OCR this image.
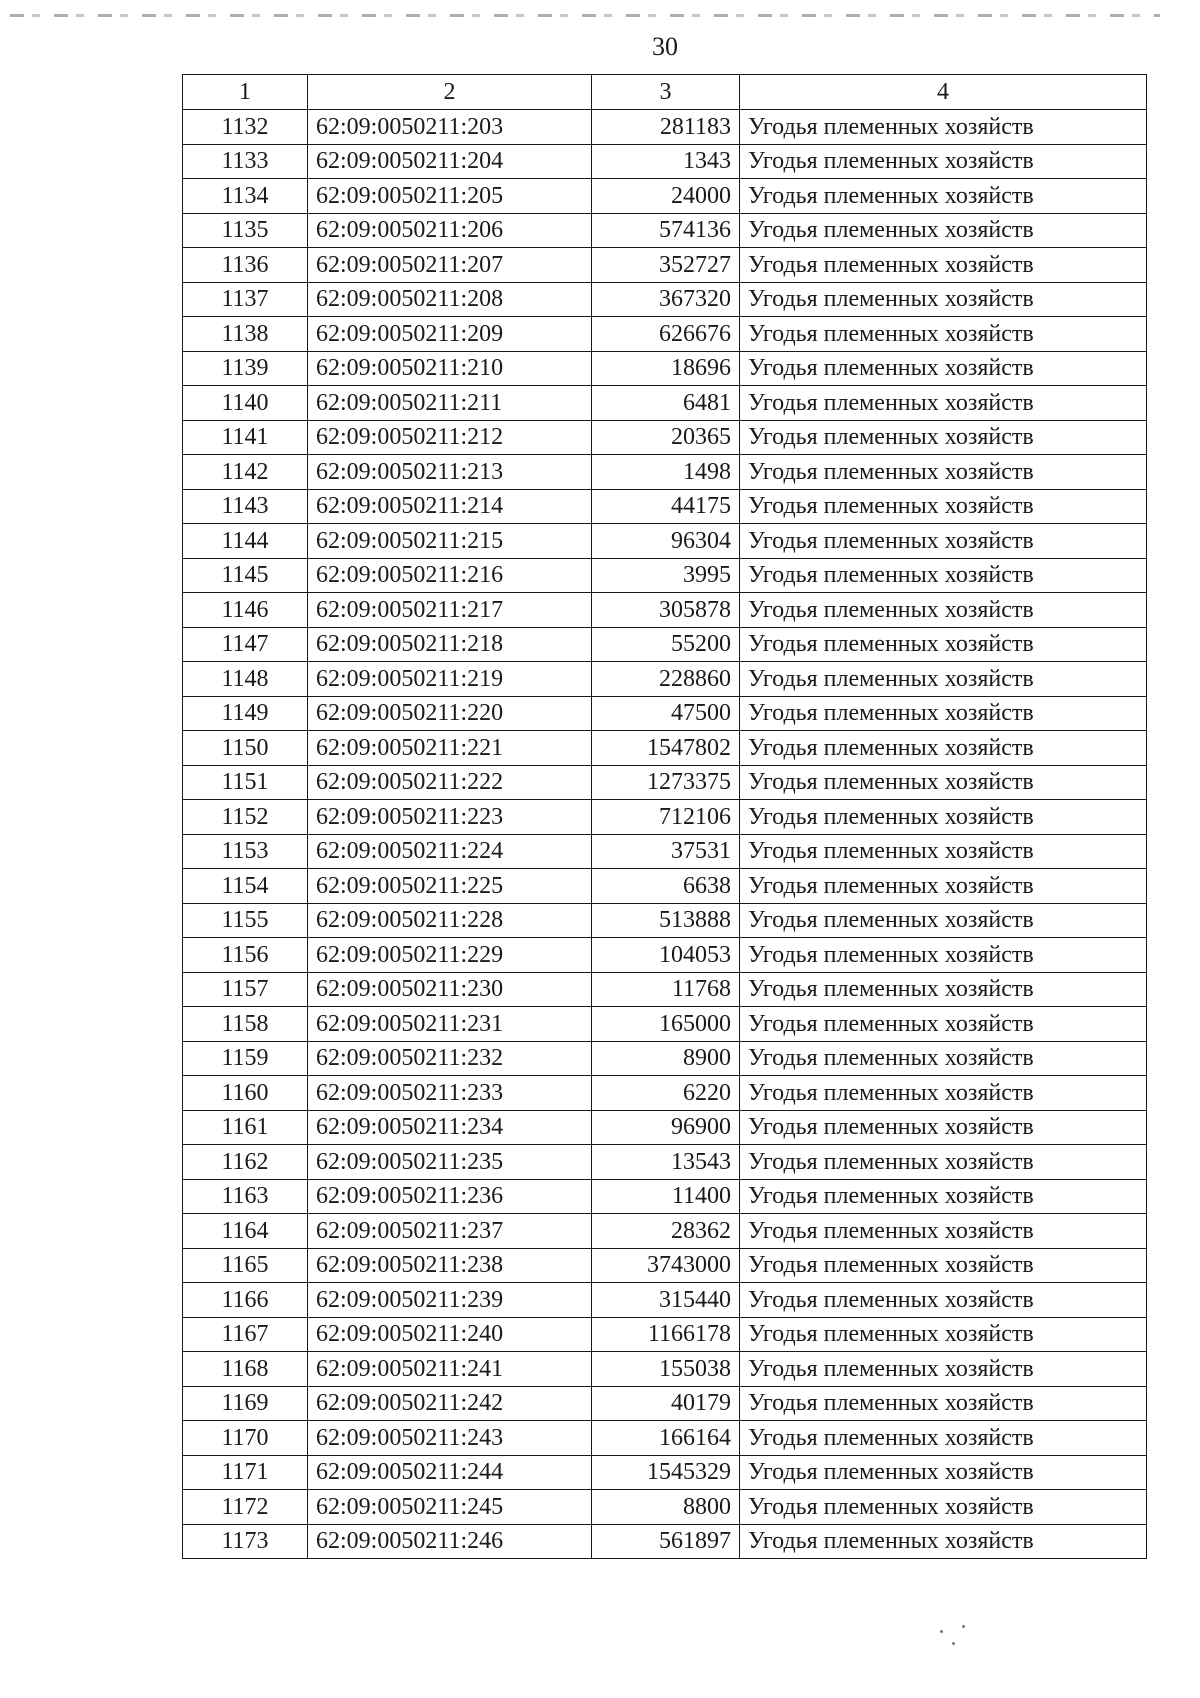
30
1	2	3	4
1132	62:09:0050211:203	281183	Угодья племенных хозяйств
1133	62:09:0050211:204	1343	Угодья племенных хозяйств
1134	62:09:0050211:205	24000	Угодья племенных хозяйств
1135	62:09:0050211:206	574136	Угодья племенных хозяйств
1136	62:09:0050211:207	352727	Угодья племенных хозяйств
1137	62:09:0050211:208	367320	Угодья племенных хозяйств
1138	62:09:0050211:209	626676	Угодья племенных хозяйств
1139	62:09:0050211:210	18696	Угодья племенных хозяйств
1140	62:09:0050211:211	6481	Угодья племенных хозяйств
1141	62:09:0050211:212	20365	Угодья племенных хозяйств
1142	62:09:0050211:213	1498	Угодья племенных хозяйств
1143	62:09:0050211:214	44175	Угодья племенных хозяйств
1144	62:09:0050211:215	96304	Угодья племенных хозяйств
1145	62:09:0050211:216	3995	Угодья племенных хозяйств
1146	62:09:0050211:217	305878	Угодья племенных хозяйств
1147	62:09:0050211:218	55200	Угодья племенных хозяйств
1148	62:09:0050211:219	228860	Угодья племенных хозяйств
1149	62:09:0050211:220	47500	Угодья племенных хозяйств
1150	62:09:0050211:221	1547802	Угодья племенных хозяйств
1151	62:09:0050211:222	1273375	Угодья племенных хозяйств
1152	62:09:0050211:223	712106	Угодья племенных хозяйств
1153	62:09:0050211:224	37531	Угодья племенных хозяйств
1154	62:09:0050211:225	6638	Угодья племенных хозяйств
1155	62:09:0050211:228	513888	Угодья племенных хозяйств
1156	62:09:0050211:229	104053	Угодья племенных хозяйств
1157	62:09:0050211:230	11768	Угодья племенных хозяйств
1158	62:09:0050211:231	165000	Угодья племенных хозяйств
1159	62:09:0050211:232	8900	Угодья племенных хозяйств
1160	62:09:0050211:233	6220	Угодья племенных хозяйств
1161	62:09:0050211:234	96900	Угодья племенных хозяйств
1162	62:09:0050211:235	13543	Угодья племенных хозяйств
1163	62:09:0050211:236	11400	Угодья племенных хозяйств
1164	62:09:0050211:237	28362	Угодья племенных хозяйств
1165	62:09:0050211:238	3743000	Угодья племенных хозяйств
1166	62:09:0050211:239	315440	Угодья племенных хозяйств
1167	62:09:0050211:240	1166178	Угодья племенных хозяйств
1168	62:09:0050211:241	155038	Угодья племенных хозяйств
1169	62:09:0050211:242	40179	Угодья племенных хозяйств
1170	62:09:0050211:243	166164	Угодья племенных хозяйств
1171	62:09:0050211:244	1545329	Угодья племенных хозяйств
1172	62:09:0050211:245	8800	Угодья племенных хозяйств
1173	62:09:0050211:246	561897	Угодья племенных хозяйств
